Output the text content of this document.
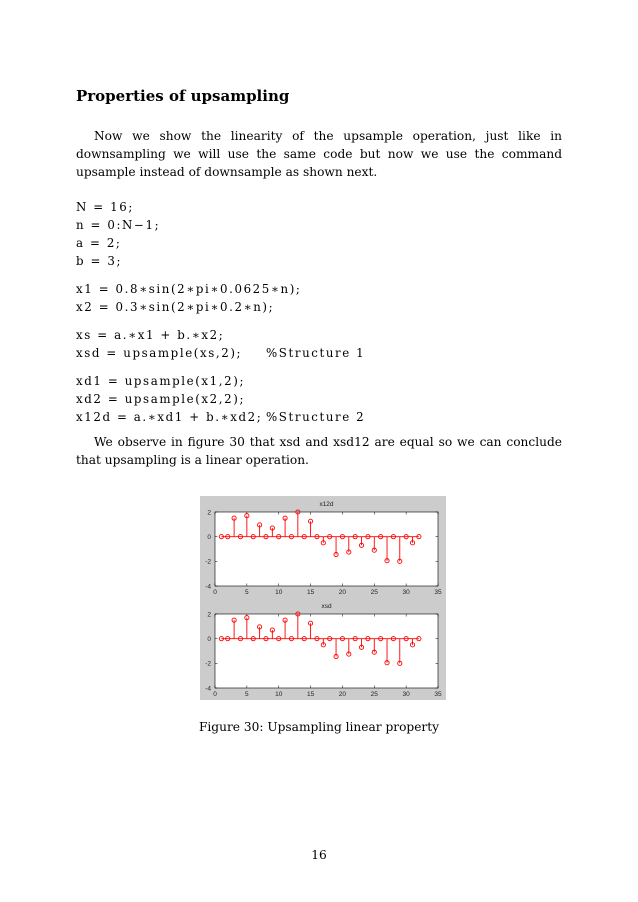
Properties of upsampling

Now we show the linearity of the upsample operation, just like in downsampling we will use the same code but now we use the command upsample instead of downsample as shown next.

N = 16;
n = 0:N−1;
a = 2;
b = 3;
x1 = 0.8∗sin(2∗pi∗0.0625∗n);
x2 = 0.3∗sin(2∗pi∗0.2∗n);
xs = a.∗x1 + b.∗x2;
xsd = upsample(xs,2); %Structure 1
xd1 = upsample(x1,2);
xd2 = upsample(x2,2);
x12d = a.∗xd1 + b.∗xd2; %Structure 2

We observe in figure 30 that xsd and xsd12 are equal so we can conclude that upsampling is a linear operation.

x12d
0	5	10	15	20	25	30	35
2
0
-2
-4
xsd
0	5	10	15	20	25	30	35
2
0
-2
-4

Figure 30: Upsampling linear property

16
